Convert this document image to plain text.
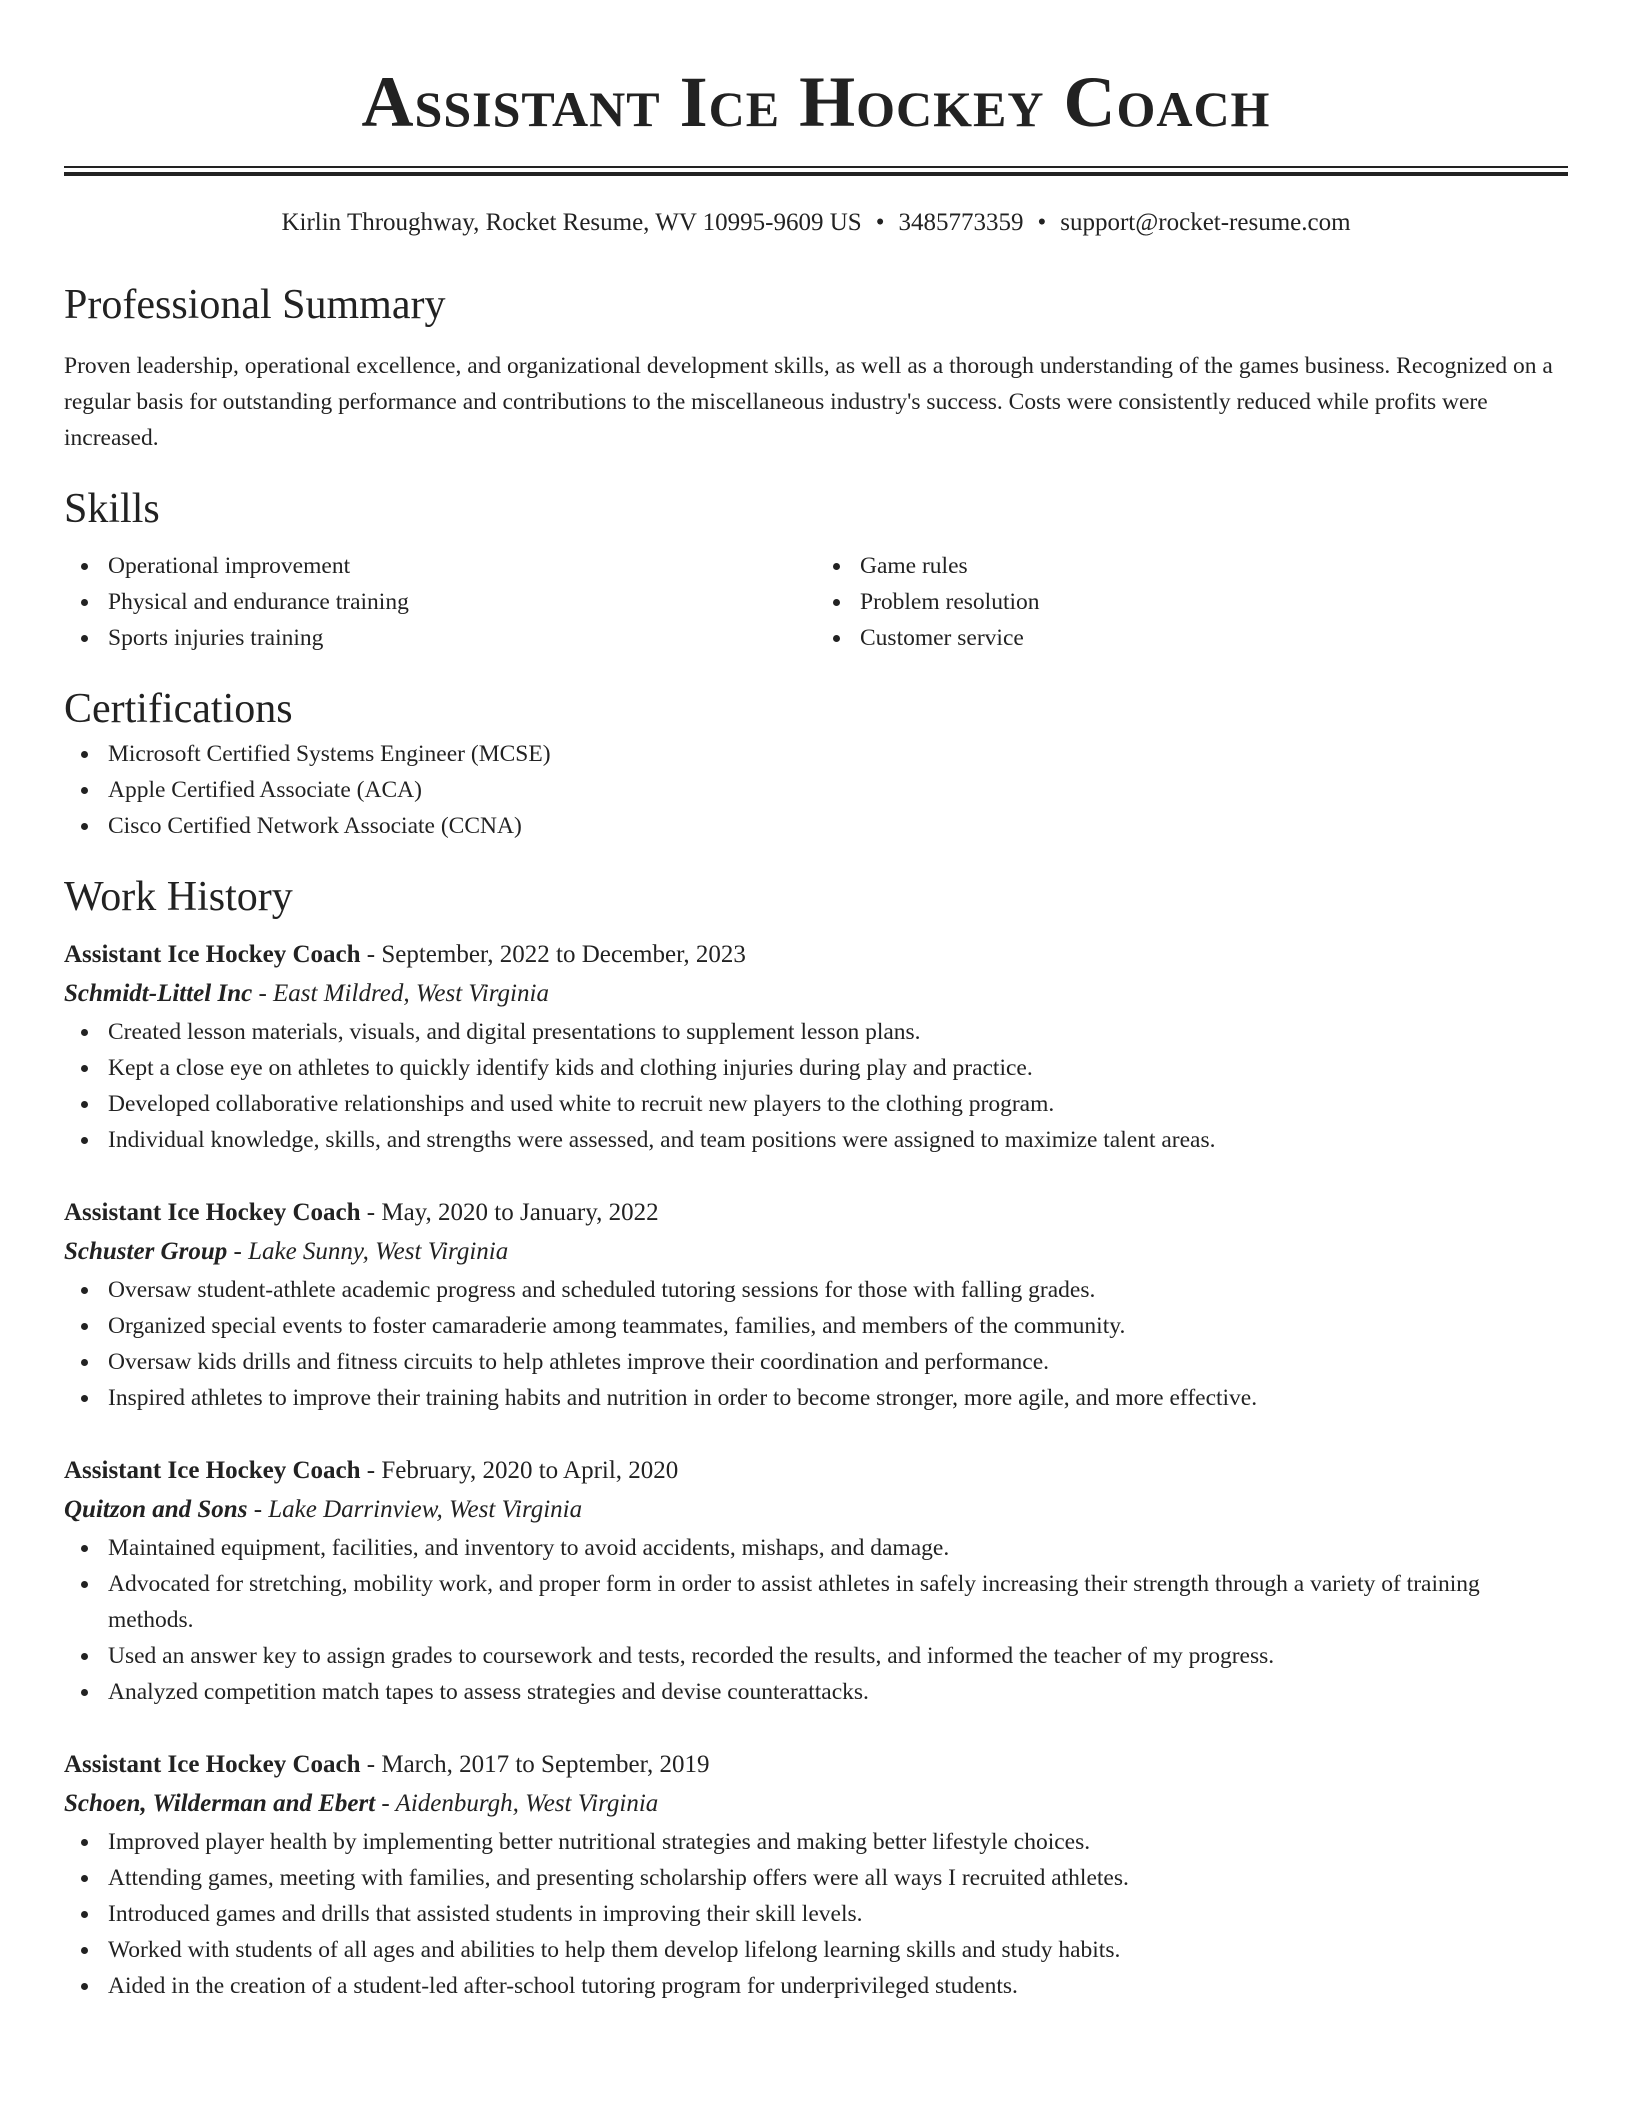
Assistant Ice Hockey Coach
Kirlin Throughway, Rocket Resume, WV 10995-9609 US • 3485773359 • support@rocket-resume.com
Professional Summary

Proven leadership, operational excellence, and organizational development skills, as well as a thorough understanding of the games business. Recognized on a regular basis for outstanding performance and contributions to the miscellaneous industry's success. Costs were consistently reduced while profits were increased.

Skills
Operational improvement
Physical and endurance training
Sports injuries training
Game rules
Problem resolution
Customer service
Certifications
Microsoft Certified Systems Engineer (MCSE)
Apple Certified Associate (ACA)
Cisco Certified Network Associate (CCNA)
Work History
Assistant Ice Hockey Coach - September, 2022 to December, 2023
Schmidt-Littel Inc - East Mildred, West Virginia
Created lesson materials, visuals, and digital presentations to supplement lesson plans.
Kept a close eye on athletes to quickly identify kids and clothing injuries during play and practice.
Developed collaborative relationships and used white to recruit new players to the clothing program.
Individual knowledge, skills, and strengths were assessed, and team positions were assigned to maximize talent areas.
Assistant Ice Hockey Coach - May, 2020 to January, 2022
Schuster Group - Lake Sunny, West Virginia
Oversaw student-athlete academic progress and scheduled tutoring sessions for those with falling grades.
Organized special events to foster camaraderie among teammates, families, and members of the community.
Oversaw kids drills and fitness circuits to help athletes improve their coordination and performance.
Inspired athletes to improve their training habits and nutrition in order to become stronger, more agile, and more effective.
Assistant Ice Hockey Coach - February, 2020 to April, 2020
Quitzon and Sons - Lake Darrinview, West Virginia
Maintained equipment, facilities, and inventory to avoid accidents, mishaps, and damage.
Advocated for stretching, mobility work, and proper form in order to assist athletes in safely increasing their strength through a variety of training methods.
Used an answer key to assign grades to coursework and tests, recorded the results, and informed the teacher of my progress.
Analyzed competition match tapes to assess strategies and devise counterattacks.
Assistant Ice Hockey Coach - March, 2017 to September, 2019
Schoen, Wilderman and Ebert - Aidenburgh, West Virginia
Improved player health by implementing better nutritional strategies and making better lifestyle choices.
Attending games, meeting with families, and presenting scholarship offers were all ways I recruited athletes.
Introduced games and drills that assisted students in improving their skill levels.
Worked with students of all ages and abilities to help them develop lifelong learning skills and study habits.
Aided in the creation of a student-led after-school tutoring program for underprivileged students.
